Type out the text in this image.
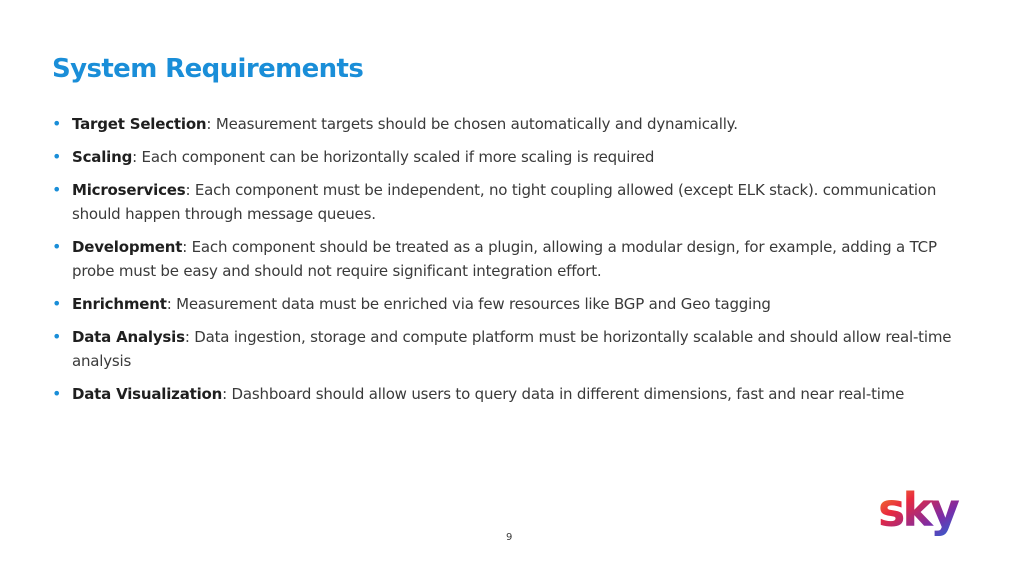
System Requirements
• Target Selection: Measurement targets should be chosen automatically and dynamically.
• Scaling: Each component can be horizontally scaled if more scaling is required
• Microservices: Each component must be independent, no tight coupling allowed (except ELK stack). communication should happen through message queues.
• Development: Each component should be treated as a plugin, allowing a modular design, for example, adding a TCP probe must be easy and should not require significant integration effort.
• Enrichment: Measurement data must be enriched via few resources like BGP and Geo tagging
• Data Analysis: Data ingestion, storage and compute platform must be horizontally scalable and should allow real-time analysis
• Data Visualization: Dashboard should allow users to query data in different dimensions, fast and near real-time
9
sky
